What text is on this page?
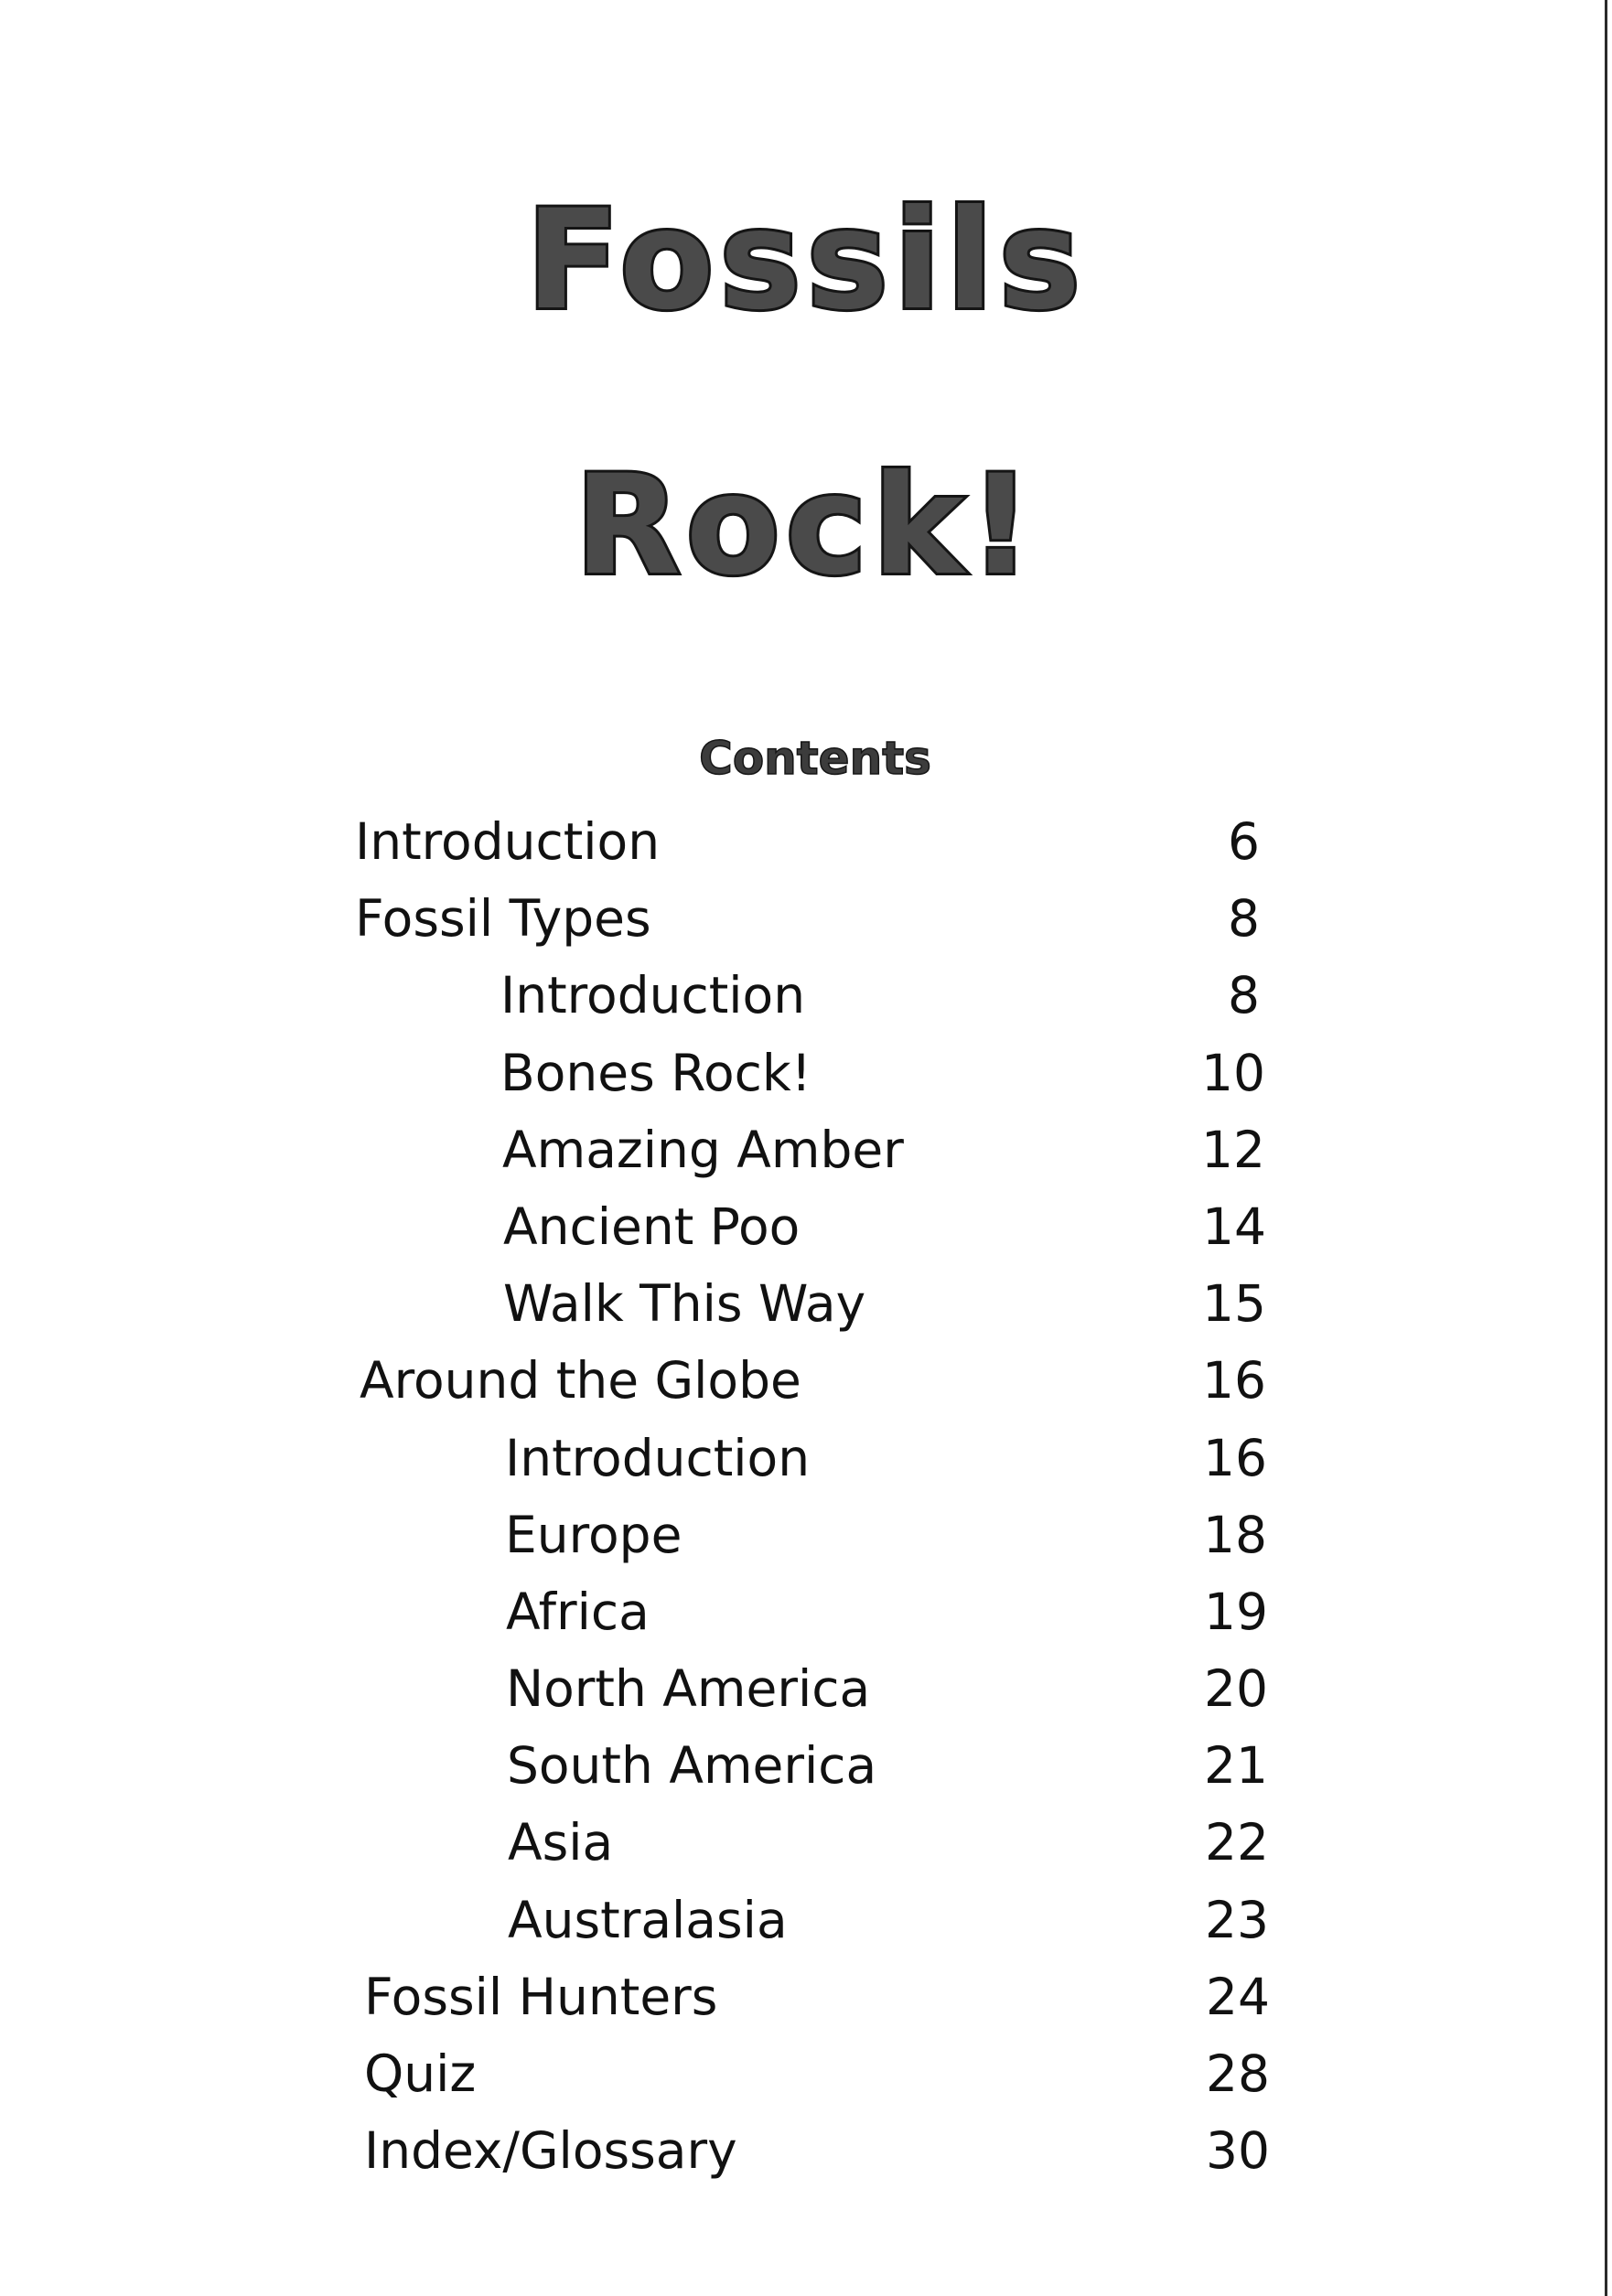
Fossils
Rock!
Contents
Introduction	6
Fossil Types	8
Introduction	8
Bones Rock!	10
Amazing Amber	12
Ancient Poo	14
Walk This Way	15
Around the Globe	16
Introduction	16
Europe	18
Africa	19
North America	20
South America	21
Asia	22
Australasia	23
Fossil Hunters	24
Quiz	28
Index/Glossary	30
